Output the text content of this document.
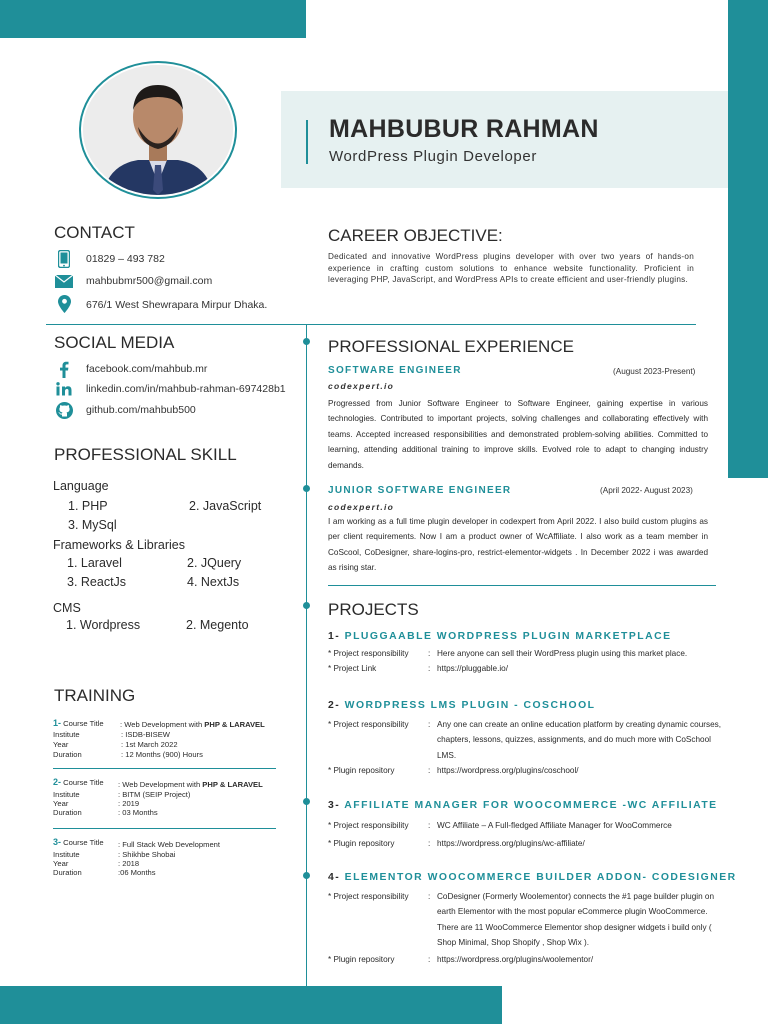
MAHBUBUR RAHMAN
WordPress Plugin Developer
CONTACT
01829 – 493 782
mahbubmr500@gmail.com
676/1 West Shewrapara Mirpur Dhaka.
SOCIAL MEDIA
facebook.com/mahbub.mr
linkedin.com/in/mahbub-rahman-697428b1
github.com/mahbub500
PROFESSIONAL SKILL
Language
1. PHP	2. JavaScript
3. MySql
Frameworks & Libraries
1. Laravel	2. JQuery
3. ReactJs	4. NextJs
CMS
1. Wordpress	2. Megento
TRAINING
1- Course Title : Web Development with PHP & LARAVEL
Institute	: ISDB-BISEW
Year	: 1st March 2022
Duration	: 12 Months (900) Hours
2- Course Title : Web Development with PHP & LARAVEL
Institute	: BITM (SEIP Project)
Year	: 2019
Duration	: 03 Months
3- Course Title : Full Stack Web Development
Institute	: Shikhbe Shobai
Year	: 2018
Duration	:06 Months
CAREER OBJECTIVE:
Dedicated and innovative WordPress plugins developer with over two years of hands-on experience in crafting custom solutions to enhance website functionality. Proficient in leveraging PHP, JavaScript, and WordPress APIs to create efficient and user-friendly plugins.
PROFESSIONAL EXPERIENCE
SOFTWARE ENGINEER	(August 2023-Present)
codexpert.io
Progressed from Junior Software Engineer to Software Engineer, gaining expertise in various technologies. Contributed to important projects, solving challenges and collaborating effectively with teams. Accepted increased responsibilities and demonstrated problem-solving abilities. Committed to learning, attending additional training to improve skills. Evolved role to adapt to changing industry demands.
JUNIOR SOFTWARE ENGINEER	(April 2022- August 2023)
codexpert.io
I am working as a full time plugin developer in codexpert from April 2022. I also build custom plugins as per client requirements. Now I am a product owner of WcAffiliate. I also work as a team member in CoScool, CoDesigner, share-logins-pro, restrict-elementor-widgets . In December 2022 i was awarded as rising star.
PROJECTS
1- PLUGGAABLE WORDPRESS PLUGIN MARKETPLACE
* Project responsibility : Here anyone can sell their WordPress plugin using this market place.
* Project Link	: https://pluggable.io/
2- WORDPRESS LMS PLUGIN - COSCHOOL
* Project responsibility : Any one can create an online education platform by creating dynamic courses, chapters, lessons, quizzes, assignments, and do much more with CoSchool LMS.
* Plugin repository	: https://wordpress.org/plugins/coschool/
3- AFFILIATE MANAGER FOR WOOCOMMERCE -WC AFFILIATE
* Project responsibility : WC Affiliate – A Full-fledged Affiliate Manager for WooCommerce
* Plugin repository	: https://wordpress.org/plugins/wc-affiliate/
4- ELEMENTOR WOOCOMMERCE BUILDER ADDON- CODESIGNER
* Project responsibility : CoDesigner (Formerly Woolementor) connects the #1 page builder plugin on earth Elementor with the most popular eCommerce plugin WooCommerce. There are 11 WooCommerce Elementor shop designer widgets i build only ( Shop Minimal, Shop Shopify , Shop Wix ).
* Plugin repository	: https://wordpress.org/plugins/woolementor/
